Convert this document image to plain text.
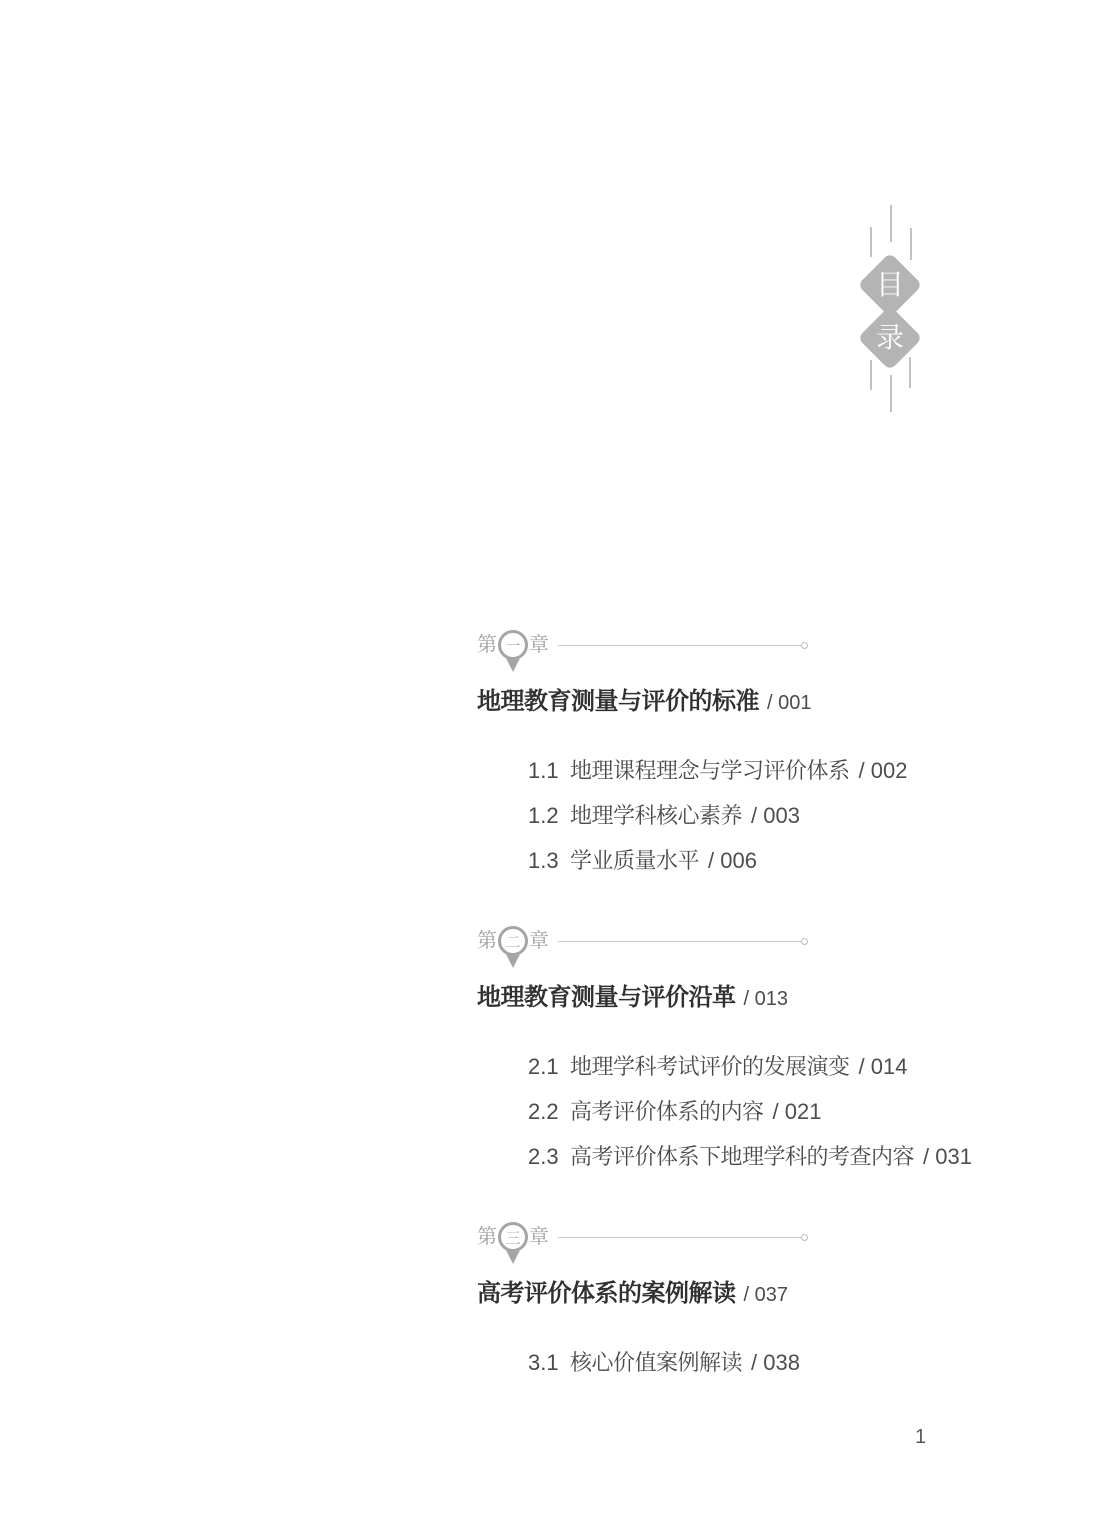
目
录
第 一 章
地理教育测量与评价的标准 / 001
1.1 地理课程理念与学习评价体系 / 002
1.2 地理学科核心素养 / 003
1.3 学业质量水平 / 006
第 二 章
地理教育测量与评价沿革 / 013
2.1 地理学科考试评价的发展演变 / 014
2.2 高考评价体系的内容 / 021
2.3 高考评价体系下地理学科的考查内容 / 031
第 三 章
高考评价体系的案例解读 / 037
3.1 核心价值案例解读 / 038
1
